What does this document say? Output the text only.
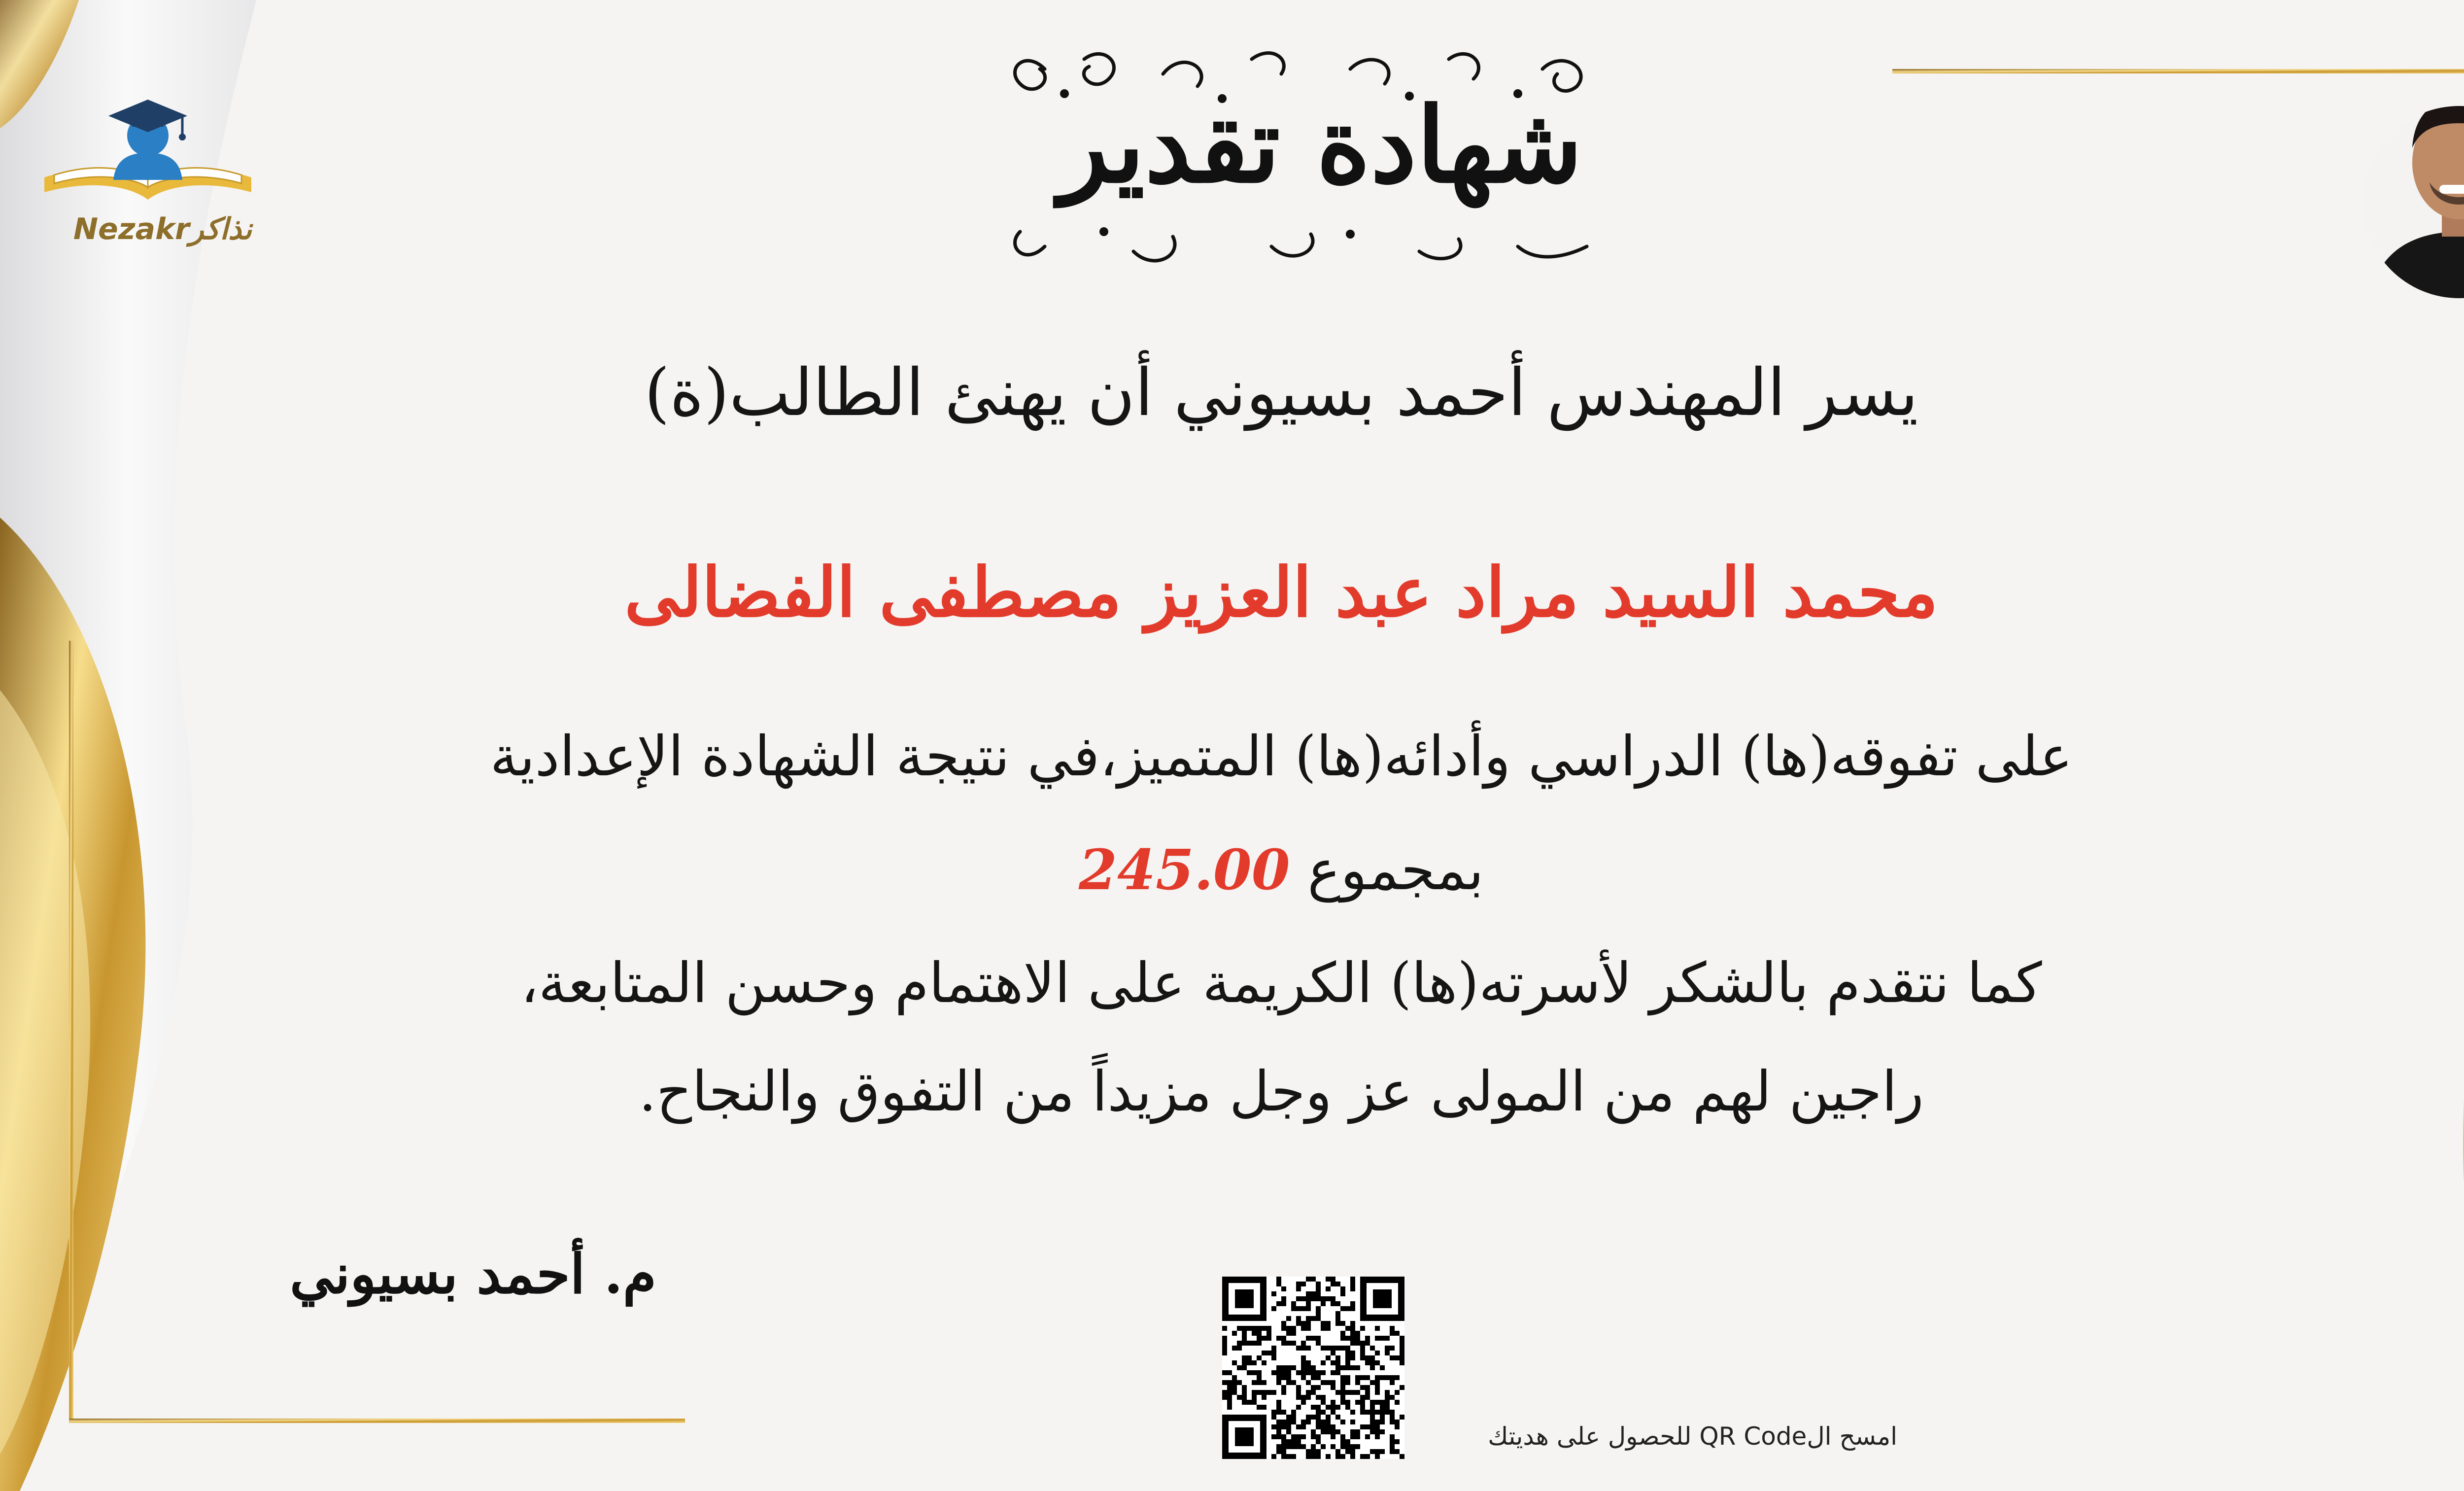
Nezakrنذاكر
شهادة تقدير
يسر المهندس أحمد بسيوني أن يهنئ الطالب(ة)
محمد السيد مراد عبد العزيز مصطفى الفضالى
على تفوقه(ها) الدراسي وأدائه(ها) المتميز،في نتيجة الشهادة الإعدادية
بمجموع 245.00
كما نتقدم بالشكر لأسرته(ها) الكريمة على الاهتمام وحسن المتابعة،
راجين لهم من المولى عز وجل مزيداً من التفوق والنجاح.
م. أحمد بسيوني
امسح الQR Code للحصول على هديتك
